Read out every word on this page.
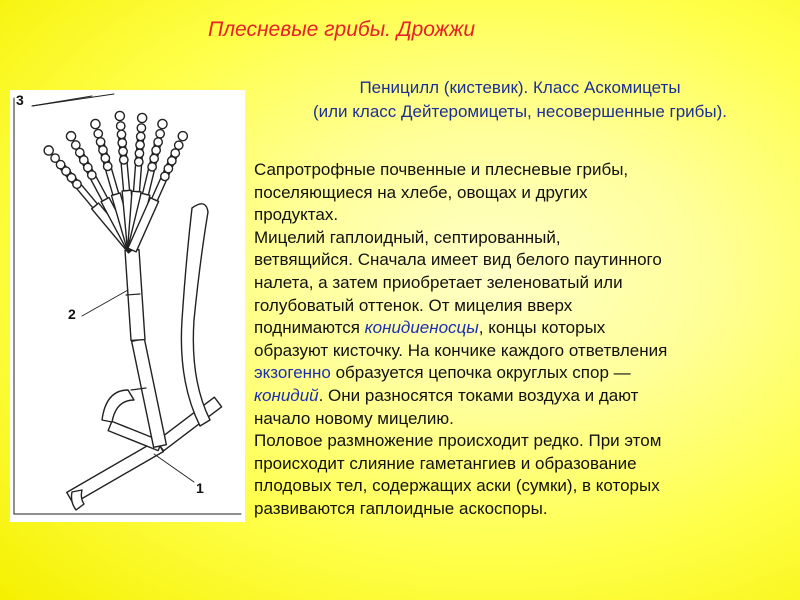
Плесневые грибы. Дрожжи
Пеницилл (кистевик). Класс Аскомицеты
(или класс Дейтеромицеты, несовершенные грибы).
3
2
1
Сапротрофные почвенные и плесневые грибы,
поселяющиеся на хлебе, овощах и других
продуктах.
Мицелий гаплоидный, септированный,
ветвящийся. Сначала имеет вид белого паутинного
налета, а затем приобретает зеленоватый или
голубоватый оттенок. От мицелия вверх
поднимаются конидиеносцы, концы которых
образуют кисточку. На кончике каждого ответвления
экзогенно образуется цепочка округлых спор —
конидий. Они разносятся токами воздуха и дают
начало новому мицелию.
Половое размножение происходит редко. При этом
происходит слияние гаметангиев и образование
плодовых тел, содержащих аски (сумки), в которых
развиваются гаплоидные аскоспоры.
